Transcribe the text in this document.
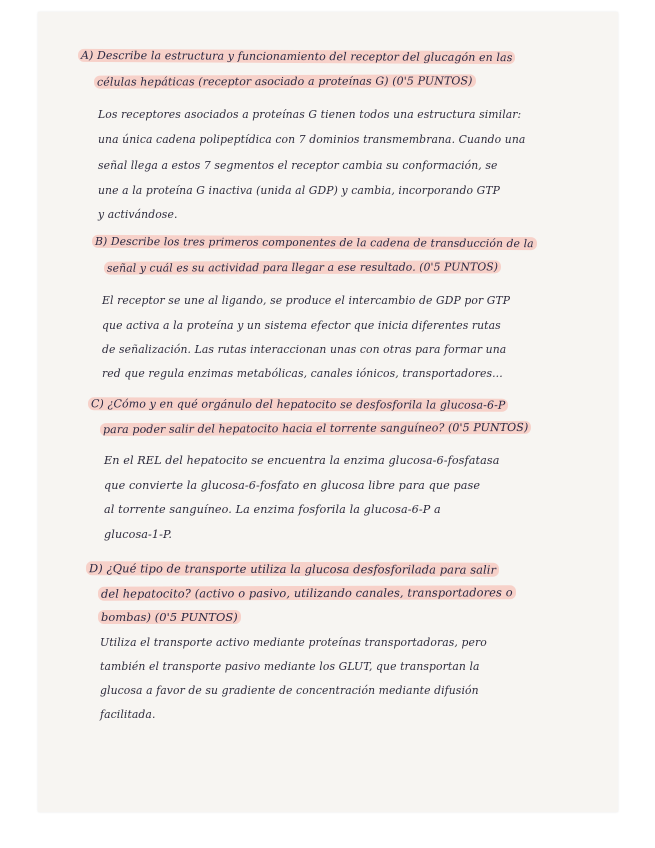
A) Describe la estructura y funcionamiento del receptor del glucagón en las
células hepáticas (receptor asociado a proteínas G) (0'5 PUNTOS)
Los receptores asociados a proteínas G tienen todos una estructura similar:
una única cadena polipeptídica con 7 dominios transmembrana. Cuando una
señal llega a estos 7 segmentos el receptor cambia su conformación, se
une a la proteína G inactiva (unida al GDP) y cambia, incorporando GTP
y activándose.
B) Describe los tres primeros componentes de la cadena de transducción de la
señal y cuál es su actividad para llegar a ese resultado. (0'5 PUNTOS)
El receptor se une al ligando, se produce el intercambio de GDP por GTP
que activa a la proteína y un sistema efector que inicia diferentes rutas
de señalización. Las rutas interaccionan unas con otras para formar una
red que regula enzimas metabólicas, canales iónicos, transportadores...
C) ¿Cómo y en qué orgánulo del hepatocito se desfosforila la glucosa-6-P
para poder salir del hepatocito hacia el torrente sanguíneo? (0'5 PUNTOS)
En el REL del hepatocito se encuentra la enzima glucosa-6-fosfatasa
que convierte la glucosa-6-fosfato en glucosa libre para que pase
al torrente sanguíneo. La enzima fosforila la glucosa-6-P a
glucosa-1-P.
D) ¿Qué tipo de transporte utiliza la glucosa desfosforilada para salir
del hepatocito? (activo o pasivo, utilizando canales, transportadores o
bombas) (0'5 PUNTOS)
Utiliza el transporte activo mediante proteínas transportadoras, pero
también el transporte pasivo mediante los GLUT, que transportan la
glucosa a favor de su gradiente de concentración mediante difusión
facilitada.
